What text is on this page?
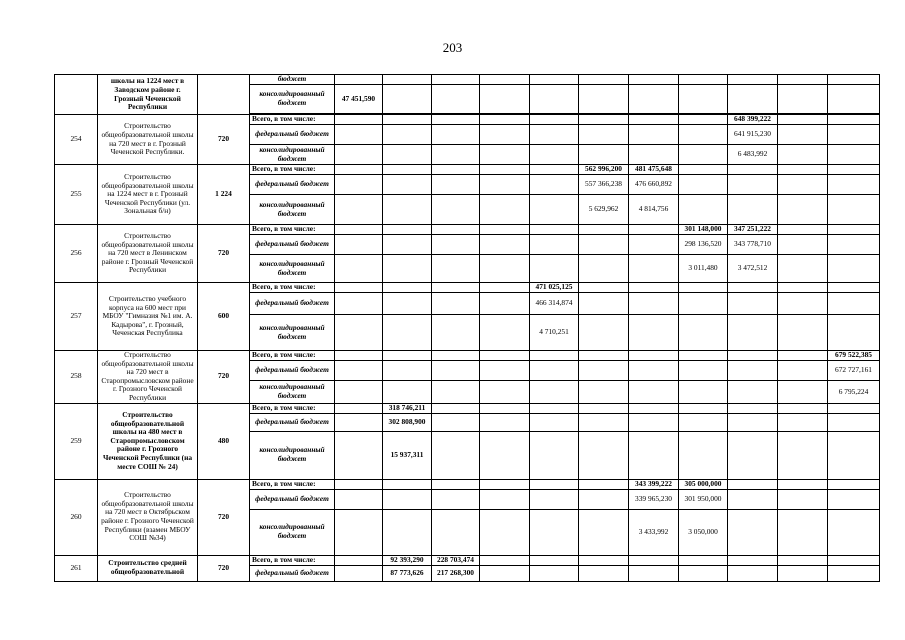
203
	школы на 1224 мест в Заводском районе г. Грозный Чеченской Республики		бюджет											
			консолидированный бюджет	47 451,590										

254	Строительство общеобразовательной школы на 720 мест в г. Грозный Чеченской Республики.	720	Всего, в том числе:									648 399,222		
			федеральный бюджет									641 915,230		
			консолидированный бюджет									6 483,992		
255	Строительство общеобразовательной школы на 1224 мест в г. Грозный Чеченской Республики (ул. Зональная б/н)	1 224	Всего, в том числе:						562 996,200	481 475,648				
			федеральный бюджет						557 366,238	476 660,892				
			консолидированный бюджет						5 629,962	4 814,756				
256	Строительство общеобразовательной школы на 720 мест в Ленинском районе г. Грозный Чеченской Республики	720	Всего, в том числе:								301 148,000	347 251,222		
			федеральный бюджет								298 136,520	343 778,710		
			консолидированный бюджет								3 011,480	3 472,512		
257	Строительство учебного корпуса на 600 мест при МБОУ "Гимназия №1 им. А. Кадырова", г. Грозный, Чеченская Республика	600	Всего, в том числе:					471 025,125						
			федеральный бюджет					466 314,874						
			консолидированный бюджет					4 710,251						
258	Строительство общеобразовательной школы на 720 мест в Старопромысловском районе г. Грозного Чеченской Республики	720	Всего, в том числе:											679 522,385
			федеральный бюджет											672 727,161
			консолидированный бюджет											6 795,224
259	Строительство общеобразовательной школы на 480 мест в Старопромысловском районе г. Грозного Чеченской Республики (на месте СОШ № 24)	480	Всего, в том числе:		318 746,211									
			федеральный бюджет		302 808,900									
			консолидированный бюджет		15 937,311									
260	Строительство общеобразовательной школы на 720 мест в Октябрьском районе г. Грозного Чеченской Республики (взамен МБОУ СОШ №34)	720	Всего, в том числе:							343 399,222	305 000,000			
			федеральный бюджет							339 965,230	301 950,000			
			консолидированный бюджет							3 433,992	3 050,000			
261	Строительство средней общеобразовательной	720	Всего, в том числе:		92 393,290	228 703,474								
			федеральный бюджет		87 773,626	217 268,300								
